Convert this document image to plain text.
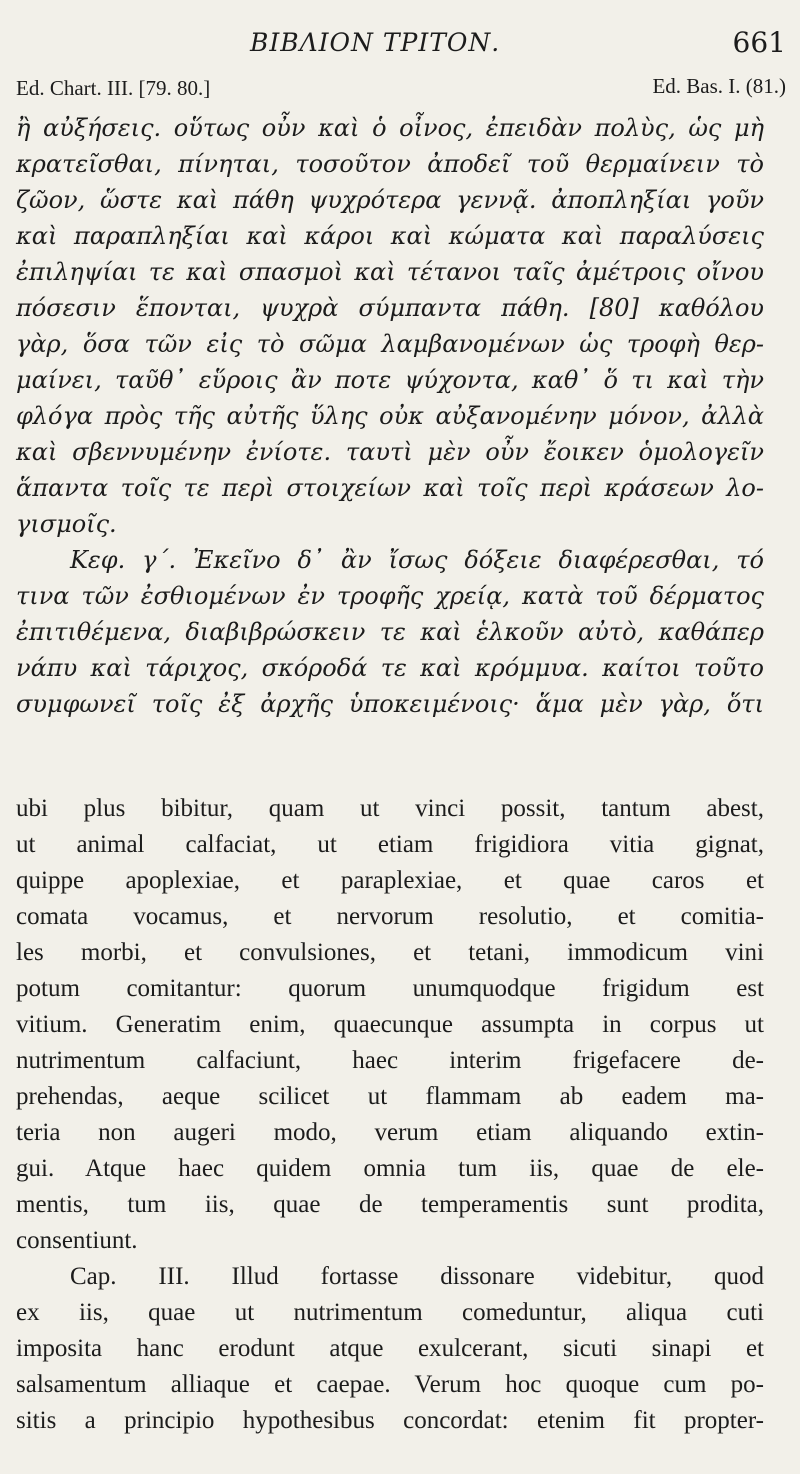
ΒΙΒΛΙΟΝ ΤΡΙΤΟΝ.	661
Ed. Chart. III. [79. 80.]	Ed. Bas. I. (81.)
ἢ αὐξήσεις. οὕτως οὖν καὶ ὁ οἶνος, ἐπειδὰν πολὺς, ὡς μὴ
κρατεῖσθαι, πίνηται, τοσοῦτον ἀποδεῖ τοῦ θερμαίνειν τὸ
ζῶον, ὥστε καὶ πάθη ψυχρότερα γεννᾷ. ἀποπληξίαι γοῦν
καὶ παραπληξίαι καὶ κάροι καὶ κώματα καὶ παραλύσεις
ἐπιληψίαι τε καὶ σπασμοὶ καὶ τέτανοι ταῖς ἀμέτροις οἴνου
πόσεσιν ἕπονται, ψυχρὰ σύμπαντα πάθη. [80] καθόλου
γὰρ, ὅσα τῶν εἰς τὸ σῶμα λαμβανομένων ὡς τροφὴ θερ-
μαίνει, ταῦθ᾽ εὕροις ἂν ποτε ψύχοντα, καθ᾽ ὅ τι καὶ τὴν
φλόγα πρὸς τῆς αὐτῆς ὕλης οὐκ αὐξανομένην μόνον, ἀλλὰ
καὶ σβεννυμένην ἐνίοτε. ταυτὶ μὲν οὖν ἔοικεν ὁμολογεῖν
ἅπαντα τοῖς τε περὶ στοιχείων καὶ τοῖς περὶ κράσεων λο-
γισμοῖς.
Κεφ. γ΄. Ἐκεῖνο δ᾽ ἂν ἴσως δόξειε διαφέρεσθαι, τό
τινα τῶν ἐσθιομένων ἐν τροφῆς χρείᾳ, κατὰ τοῦ δέρματος
ἐπιτιθέμενα, διαβιβρώσκειν τε καὶ ἑλκοῦν αὐτὸ, καθάπερ
νάπυ καὶ τάριχος, σκόροδά τε καὶ κρόμμυα. καίτοι τοῦτο
συμφωνεῖ τοῖς ἐξ ἀρχῆς ὑποκειμένοις· ἅμα μὲν γὰρ, ὅτι
ubi plus bibitur, quam ut vinci possit, tantum abest,
ut animal calfaciat, ut etiam frigidiora vitia gignat,
quippe apoplexiae, et paraplexiae, et quae caros et
comata vocamus, et nervorum resolutio, et comitia-
les morbi, et convulsiones, et tetani, immodicum vini
potum comitantur: quorum unumquodque frigidum est
vitium. Generatim enim, quaecunque assumpta in corpus ut
nutrimentum calfaciunt, haec interim frigefacere de-
prehendas, aeque scilicet ut flammam ab eadem ma-
teria non augeri modo, verum etiam aliquando extin-
gui. Atque haec quidem omnia tum iis, quae de ele-
mentis, tum iis, quae de temperamentis sunt prodita,
consentiunt.
Cap. III. Illud fortasse dissonare videbitur, quod
ex iis, quae ut nutrimentum comeduntur, aliqua cuti
imposita hanc erodunt atque exulcerant, sicuti sinapi et
salsamentum alliaque et caepae. Verum hoc quoque cum po-
sitis a principio hypothesibus concordat: etenim fit propter-
